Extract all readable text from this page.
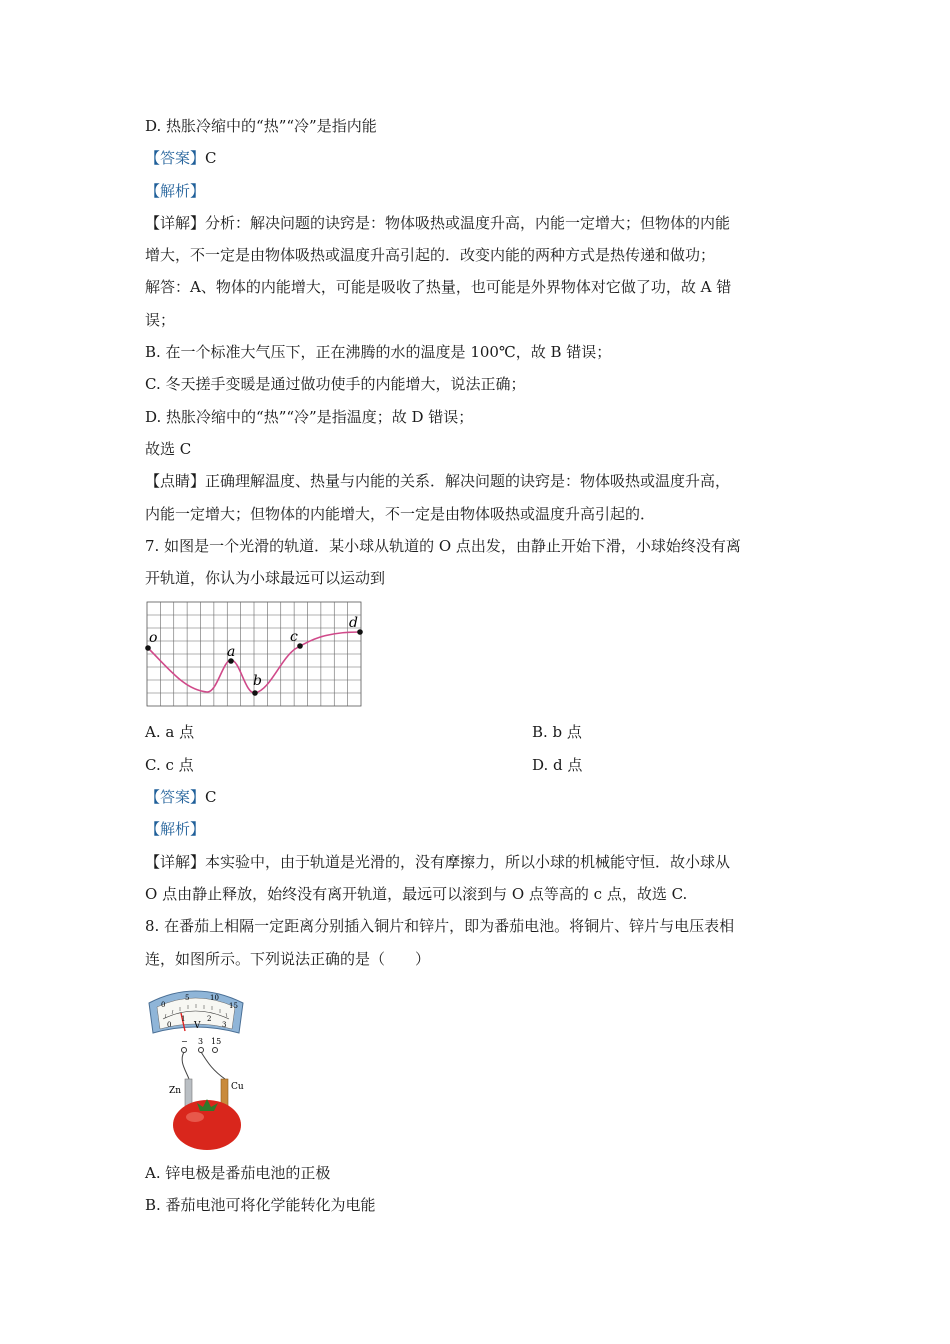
D. 热胀冷缩中的“热”“冷”是指内能
【答案】C
【解析】
【详解】分析：解决问题的诀窍是：物体吸热或温度升高，内能一定增大；但物体的内能
增大，不一定是由物体吸热或温度升高引起的．改变内能的两种方式是热传递和做功；
解答：A、物体的内能增大，可能是吸收了热量，也可能是外界物体对它做了功，故 A 错
误；
B. 在一个标准大气压下，正在沸腾的水的温度是 100℃，故 B 错误；
C. 冬天搓手变暖是通过做功使手的内能增大，说法正确；
D. 热胀冷缩中的“热”“冷”是指温度；故 D 错误；
故选 C
【点睛】正确理解温度、热量与内能的关系．解决问题的诀窍是：物体吸热或温度升高，
内能一定增大；但物体的内能增大，不一定是由物体吸热或温度升高引起的．
7. 如图是一个光滑的轨道．某小球从轨道的 O 点出发，由静止开始下滑，小球始终没有离
开轨道，你认为小球最远可以运动到
o
a
b
c
d
A. a 点	B. b 点
C. c 点	D. d 点
【答案】C
【解析】
【详解】本实验中，由于轨道是光滑的，没有摩擦力，所以小球的机械能守恒．故小球从
O 点由静止释放，始终没有离开轨道，最远可以滚到与 O 点等高的 c 点，故选 C.
8. 在番茄上相隔一定距离分别插入铜片和锌片，即为番茄电池。将铜片、锌片与电压表相
连，如图所示。下列说法正确的是（　　）
0
5	10
15
0
1	2
3
V
− 3 15
Zn	Cu
A. 锌电极是番茄电池的正极
B. 番茄电池可将化学能转化为电能
